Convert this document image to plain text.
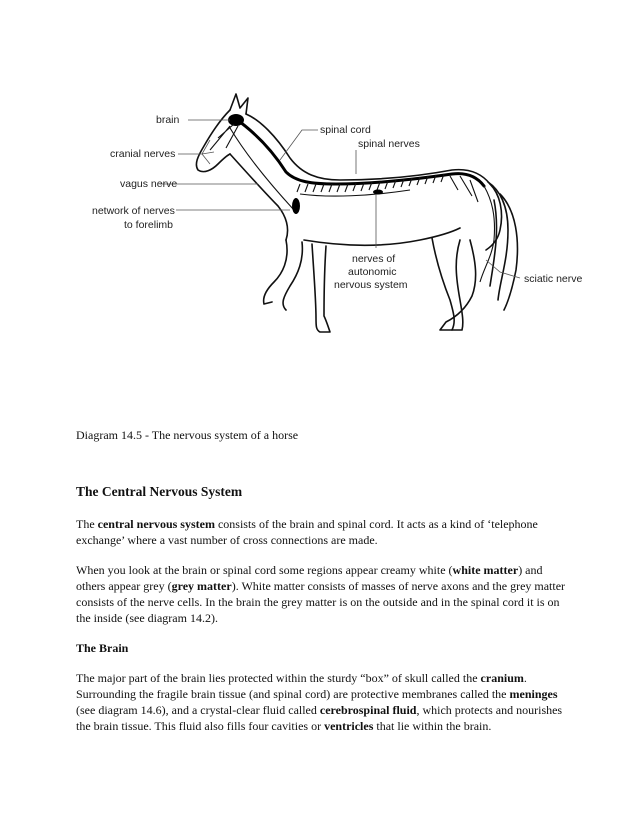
brain
cranial nerves
vagus nerve
network of nerves
to forelimb
spinal cord
spinal nerves
nerves of
autonomic
nervous system	sciatic nerve
Diagram 14.5 - The nervous system of a horse
The Central Nervous System

The central nervous system consists of the brain and spinal cord. It acts as a kind of ‘telephone exchange’ where a vast number of cross connections are made.

When you look at the brain or spinal cord some regions appear creamy white (white matter) and others appear grey (grey matter). White matter consists of masses of nerve axons and the grey matter consists of the nerve cells. In the brain the grey matter is on the outside and in the spinal cord it is on the inside (see diagram 14.2).

The Brain

The major part of the brain lies protected within the sturdy “box” of skull called the cranium. Surrounding the fragile brain tissue (and spinal cord) are protective membranes called the meninges (see diagram 14.6), and a crystal-clear fluid called cerebrospinal fluid, which protects and nourishes the brain tissue. This fluid also fills four cavities or ventricles that lie within the brain.
